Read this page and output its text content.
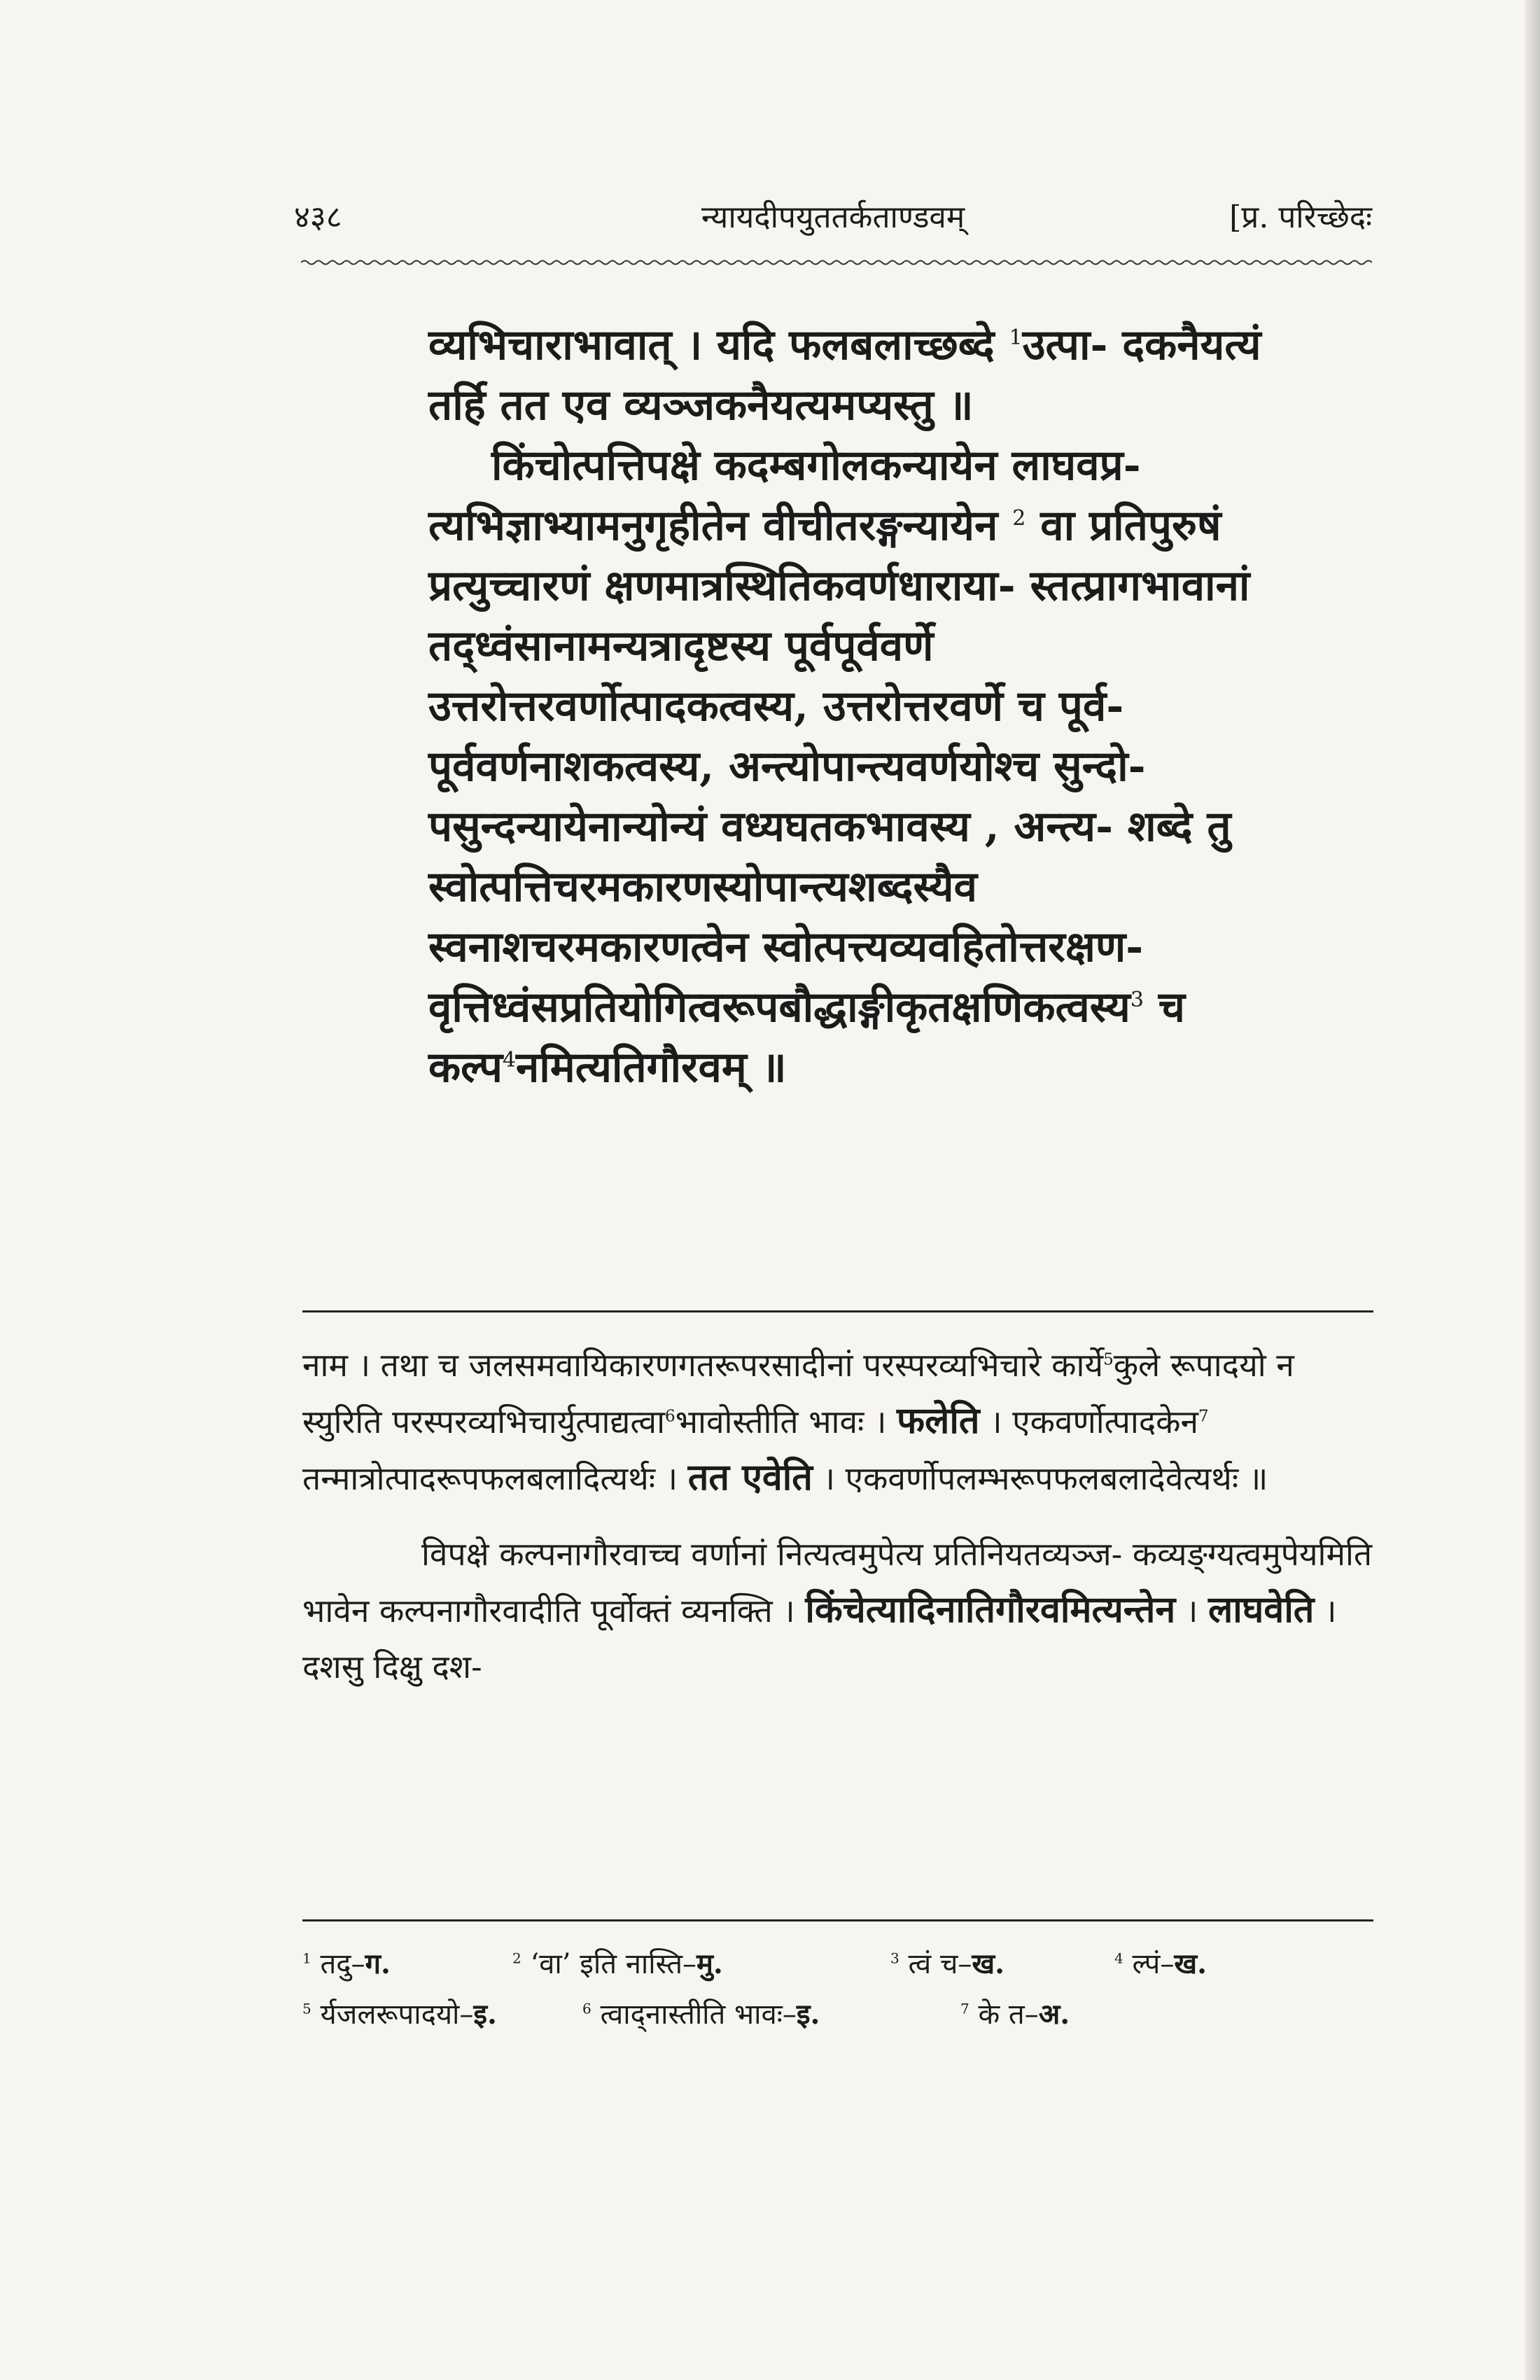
४३८	न्यायदीपयुततर्कताण्डवम्	[प्र. परिच्छेदः

व्यभिचाराभावात् । यदि फलबलाच्छब्दे $^1$उत्पा- दकनैयत्यं तर्हि तत एव व्यञ्जकनैयत्यमप्यस्तु ॥

किंचोत्पत्तिपक्षे कदम्बगोलकन्यायेन लाघवप्र- त्यभिज्ञाभ्यामनुगृहीतेन वीचीतरङ्गन्यायेन $^2$ वा प्रतिपुरुषं प्रत्युच्चारणं क्षणमात्रस्थितिकवर्णधाराया- स्तत्प्रागभावानां तद्ध्वंसानामन्यत्रादृष्टस्य पूर्वपूर्ववर्णे उत्तरोत्तरवर्णोत्पादकत्वस्य, उत्तरोत्तरवर्णे च पूर्व- पूर्ववर्णनाशकत्वस्य, अन्त्योपान्त्यवर्णयोश्च सुन्दो- पसुन्दन्यायेनान्योन्यं वध्यघतकभावस्य , अन्त्य- शब्दे तु स्वोत्पत्तिचरमकारणस्योपान्त्यशब्दस्यैव स्वनाशचरमकारणत्वेन स्वोत्पत्त्यव्यवहितोत्तरक्षण- वृत्तिध्वंसप्रतियोगित्वरूपबौद्धाङ्गीकृतक्षणिकत्वस्य$^3$ च कल्प$^4$नमित्यतिगौरवम् ॥

नाम । तथा च जलसमवायिकारणगतरूपरसादीनां परस्परव्यभिचारे कार्ये$^5$कुले रूपादयो न स्युरिति परस्परव्यभिचार्युत्पाद्यत्वा$^6$भावोस्तीति भावः । फलेति । एकवर्णोत्पादकेन$^7$ तन्मात्रोत्पादरूपफलबलादित्यर्थः । तत एवेति । एकवर्णोपलम्भरूपफलबलादेवेत्यर्थः ॥

विपक्षे कल्पनागौरवाच्च वर्णानां नित्यत्वमुपेत्य प्रतिनियतव्यञ्ज- कव्यङ्ग्यत्वमुपेयमिति भावेन कल्पनागौरवादीति पूर्वोक्तं व्यनक्ति । किंचेत्यादिनातिगौरवमित्यन्तेन । लाघवेति । दशसु दिक्षु दश-

$^1$ तदु–ग.	$^2$ ‘वा’ इति नास्ति–मु.	$^3$ त्वं च–ख.	$^4$ ल्पं–ख.
$^5$ र्यजलरूपादयो–इ.	$^6$ त्वाद्नास्तीति भावः–इ.	$^7$ के त–अ.
